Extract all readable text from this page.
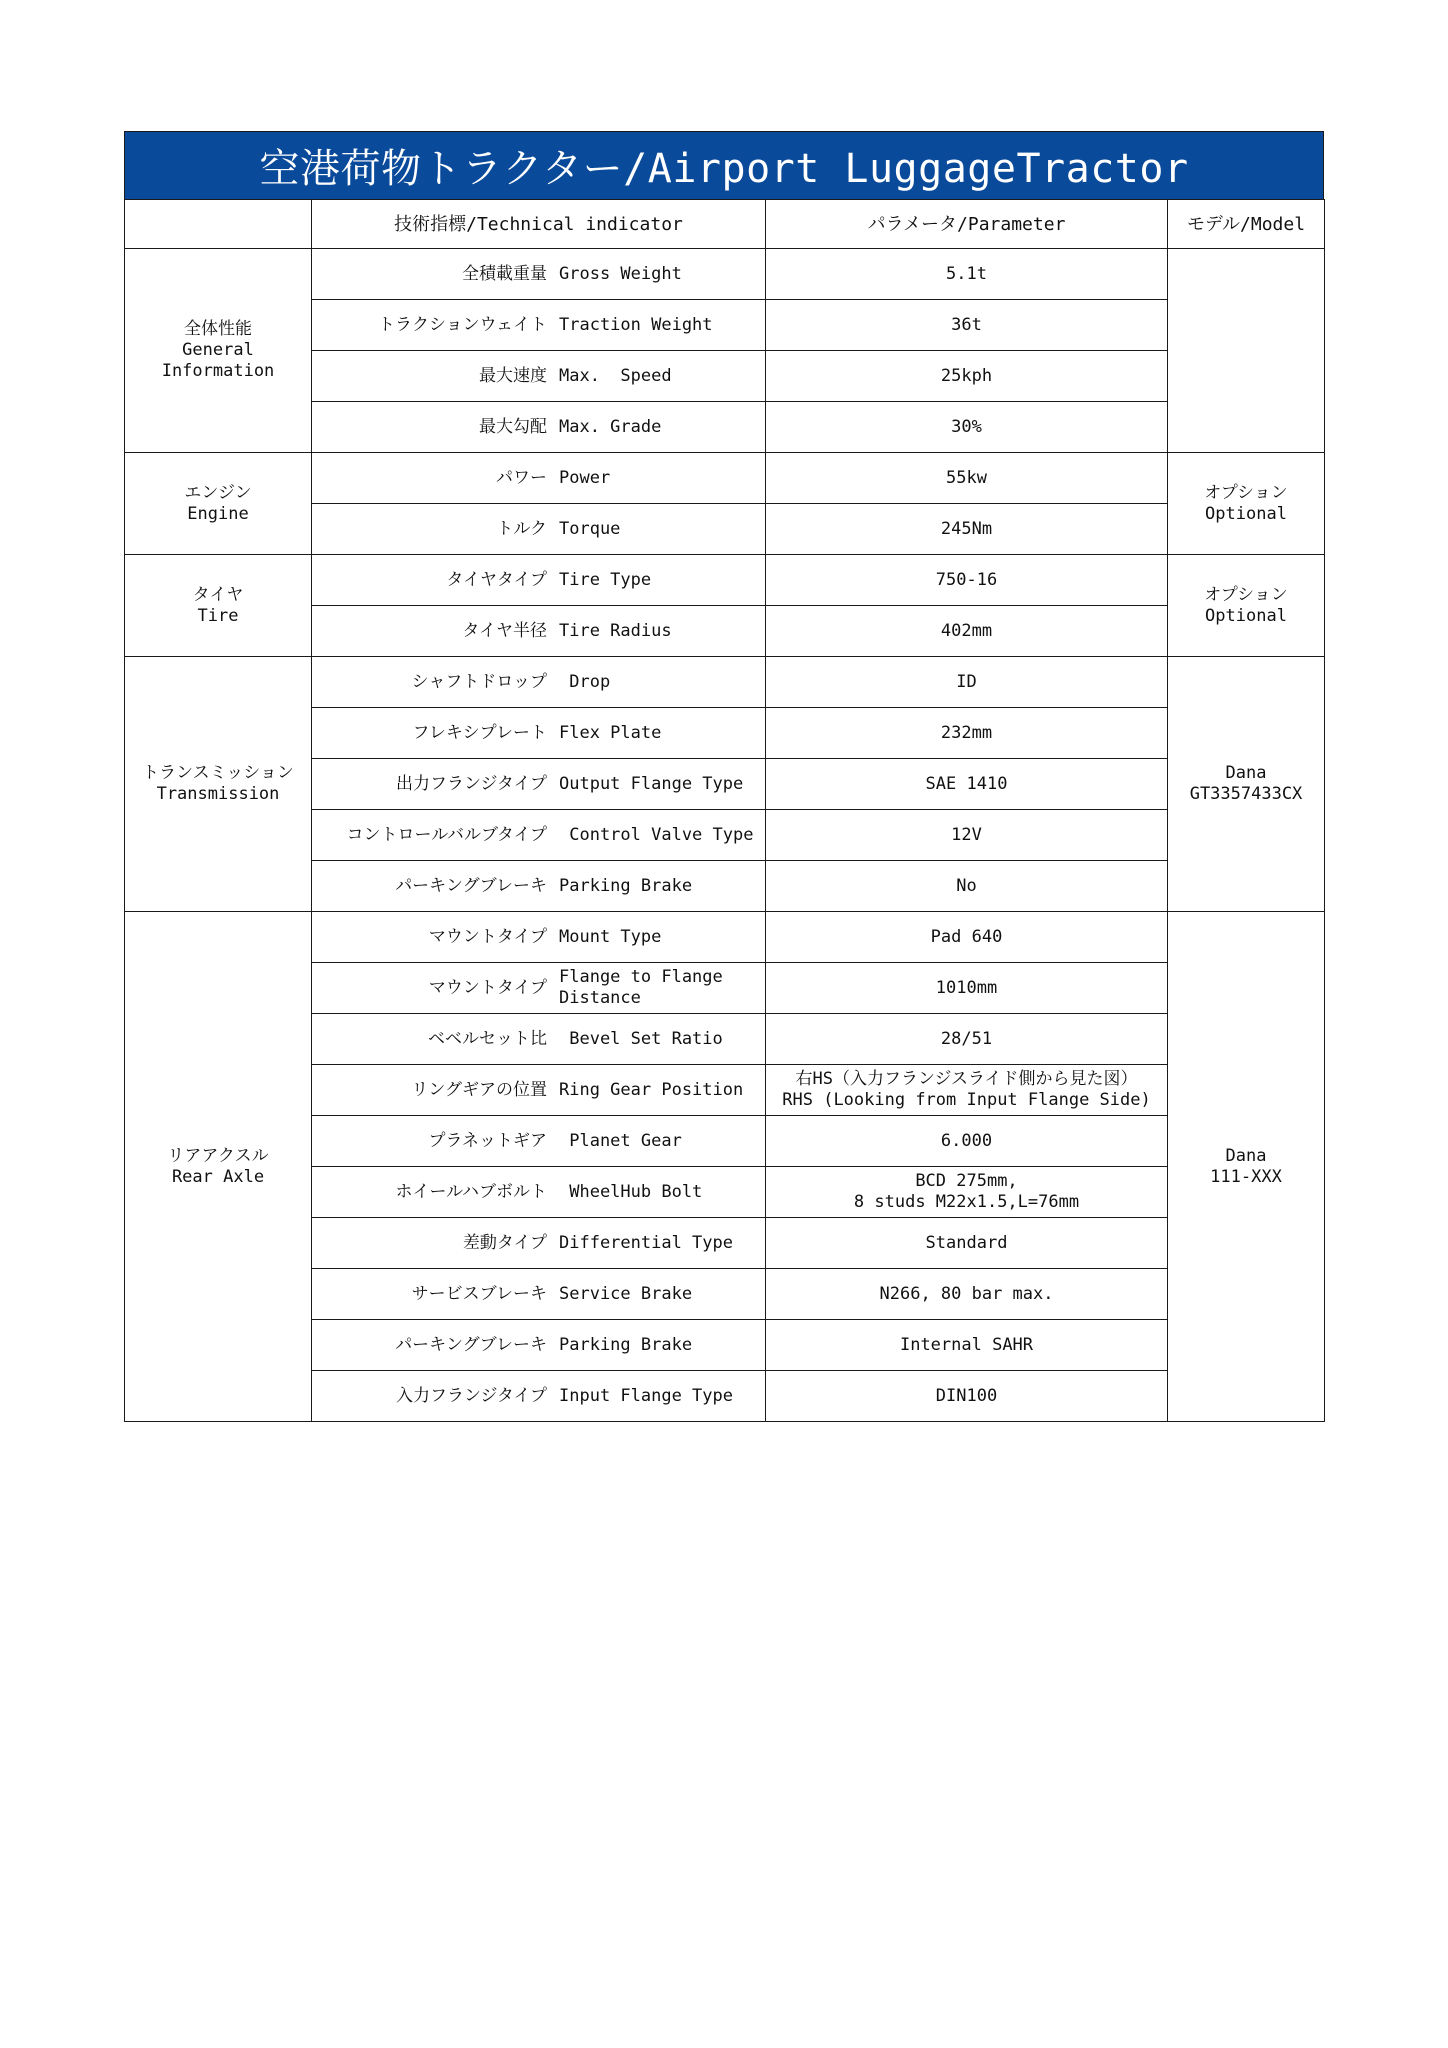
空港荷物トラクター/Airport LuggageTractor
	技術指標/Technical indicator	パラメータ/Parameter	モデル/Model

全体性能
General
Information	全積載重量 Gross Weight	5.1t	

	トラクションウェイト Traction Weight	36t	

	最大速度 Max.  Speed	25kph	

	最大勾配 Max. Grade	30%	

エンジン
Engine	パワー Power	55kw	オプション
Optional

	トルク Torque	245Nm	

タイヤ
Tire	タイヤタイプ Tire Type	750-16	オプション
Optional

	タイヤ半径 Tire Radius	402mm	

トランスミッション
Transmission	シャフトドロップ Drop	ID	Dana
GT3357433CX

	フレキシプレート Flex Plate	232mm	

	出力フランジタイプ Output Flange Type	SAE 1410	

	コントロールバルブタイプ Control Valve Type	12V	

	パーキングブレーキ Parking Brake	No	

リアアクスル
Rear Axle	マウントタイプ Mount Type	Pad 640	Dana
111-XXX

	マウントタイプ
Flange to Flange
Distance	1010mm	

	ベベルセット比 Bevel Set Ratio	28/51	

	リングギアの位置 Ring Gear Position	右HS（入力フランジスライド側から見た図）
RHS (Looking from Input Flange Side)	

	プラネットギア Planet Gear	6.000	

	ホイールハブボルト WheelHub Bolt	BCD 275mm,
8 studs M22x1.5,L=76mm	

	差動タイプ Differential Type	Standard	

	サービスブレーキ Service Brake	N266, 80 bar max.	

	パーキングブレーキ Parking Brake	Internal SAHR	

	入力フランジタイプ Input Flange Type	DIN100	
